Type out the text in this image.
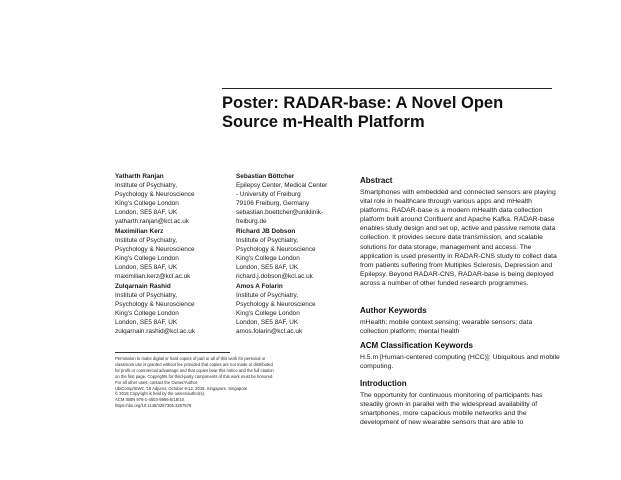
Poster: RADAR-base: A Novel Open
Source m-Health Platform
Yatharth Ranjan
Institute of Psychiatry,
Psychology & Neuroscience
King's College London
London, SE5 8AF, UK
yatharth.ranjan@kcl.ac.uk
Maximilian Kerz
Institute of Psychiatry,
Psychology & Neuroscience
King's College London
London, SE5 8AF, UK
maximilian.kerz@kcl.ac.uk
Zulqarnain Rashid
Institute of Psychiatry,
Psychology & Neuroscience
King's College London
London, SE5 8AF, UK
zulqarnain.rashid@kcl.ac.uk
Sebastian Böttcher
Epilepsy Center, Medical Center
- University of Freiburg
79106 Freiburg, Germany
sebastian.boettcher@uniklinik-
freiburg.de
Richard JB Dobson
Institute of Psychiatry,
Psychology & Neuroscience
King's College London
London, SE5 8AF, UK
richard.j.dobson@kcl.ac.uk
Amos A Folarin
Institute of Psychiatry,
Psychology & Neuroscience
King's College London
London, SE5 8AF, UK
amos.folarin@kcl.ac.uk
Abstract

Smartphones with embedded and connected sensors are playing vital role in healthcare through various apps and mHealth platforms. RADAR-base is a modern mHealth data collection platform built around Confluent and Apache Kafka. RADAR-base enables study design and set up, active and passive remote data collection. It provides secure data transmission, and scalable solutions for data storage, management and access. The application is used presently in RADAR-CNS study to collect data from patients suffering from Multiples Sclerosis, Depression and Epilepsy. Beyond RADAR-CNS, RADAR-base is being deployed across a number of other funded research programmes.

Author Keywords

mHealth; mobile context sensing; wearable sensors; data collection platform; mental health

ACM Classification Keywords

H.5.m [Human-centered computing (HCC)]: Ubiquitous and mobile computing.

Introduction

The opportunity for continuous monitoring of participants has steadily grown in parallel with the widespread availability of smartphones, more capacious mobile networks and the development of new wearable sensors that are able to

Permission to make digital or hard copies of part or all of this work for personal or
classroom use is granted without fee provided that copies are not made or distributed
for profit or commercial advantage and that copies bear this notice and the full citation
on the first page. Copyrights for third-party components of this work must be honored.
For all other uses, contact the Owner/Author.
UbiComp/ISWC '18 Adjunct, October 8-12, 2018, Singapore, Singapore
© 2018 Copyright is held by the owner/author(s).
ACM ISBN 978-1-4503-5966-5/18/10.
https://doi.org/10.1145/3267305.3267579
